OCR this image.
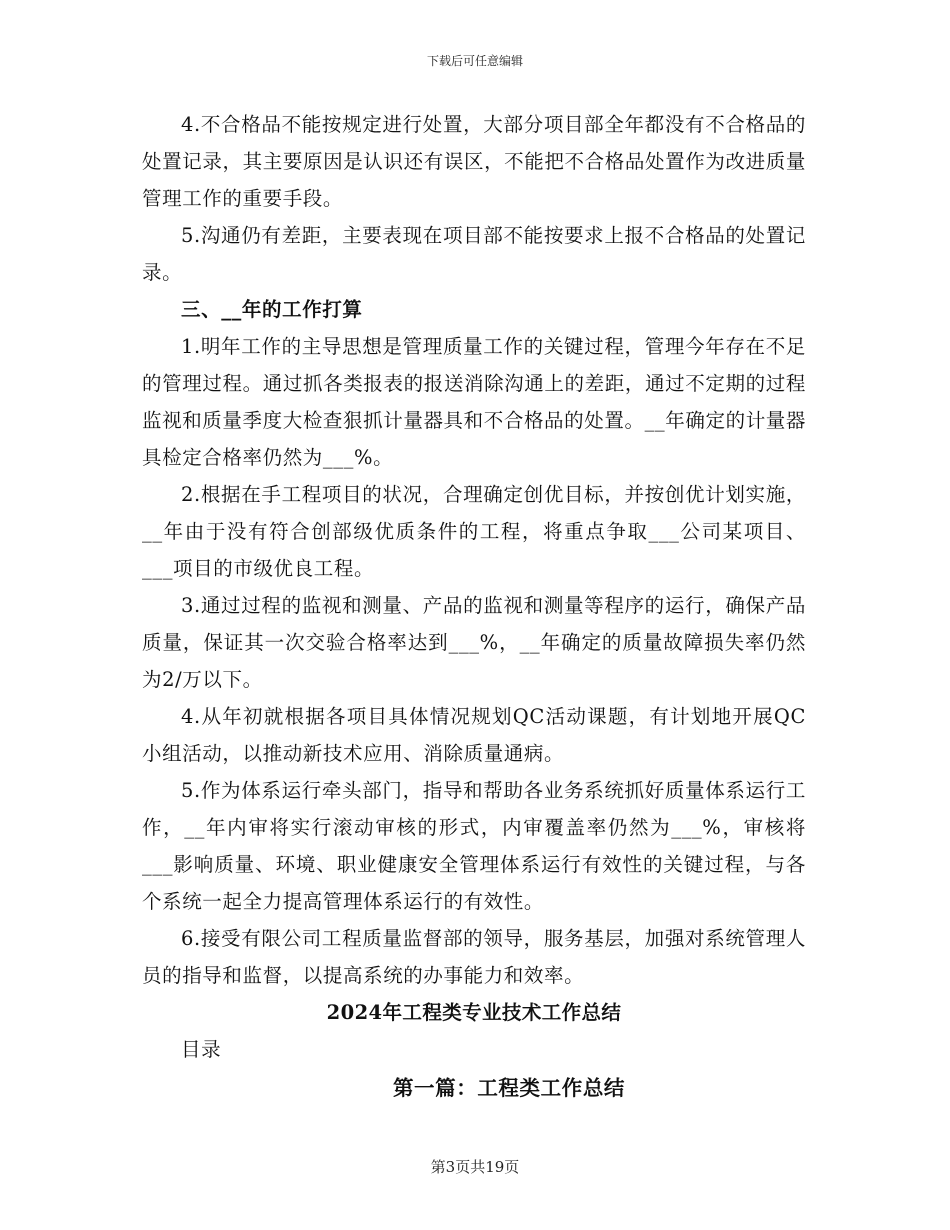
下载后可任意编辑

4.不合格品不能按规定进行处置，大部分项目部全年都没有不合格品的处置记录，其主要原因是认识还有误区，不能把不合格品处置作为改进质量管理工作的重要手段。

5.沟通仍有差距，主要表现在项目部不能按要求上报不合格品的处置记录。

三、__年的工作打算

1.明年工作的主导思想是管理质量工作的关键过程，管理今年存在不足的管理过程。通过抓各类报表的报送消除沟通上的差距，通过不定期的过程监视和质量季度大检查狠抓计量器具和不合格品的处置。__年确定的计量器具检定合格率仍然为___%。

2.根据在手工程项目的状况，合理确定创优目标，并按创优计划实施，__年由于没有符合创部级优质条件的工程，将重点争取___公司某项目、___项目的市级优良工程。

3.通过过程的监视和测量、产品的监视和测量等程序的运行，确保产品质量，保证其一次交验合格率达到___%，__年确定的质量故障损失率仍然为2/万以下。

4.从年初就根据各项目具体情况规划QC活动课题，有计划地开展QC小组活动，以推动新技术应用、消除质量通病。

5.作为体系运行牵头部门，指导和帮助各业务系统抓好质量体系运行工作，__年内审将实行滚动审核的形式，内审覆盖率仍然为___%，审核将___影响质量、环境、职业健康安全管理体系运行有效性的关键过程，与各个系统一起全力提高管理体系运行的有效性。

6.接受有限公司工程质量监督部的领导，服务基层，加强对系统管理人员的指导和监督，以提高系统的办事能力和效率。

2024年工程类专业技术工作总结

目录

第一篇：工程类工作总结

第3页共19页
